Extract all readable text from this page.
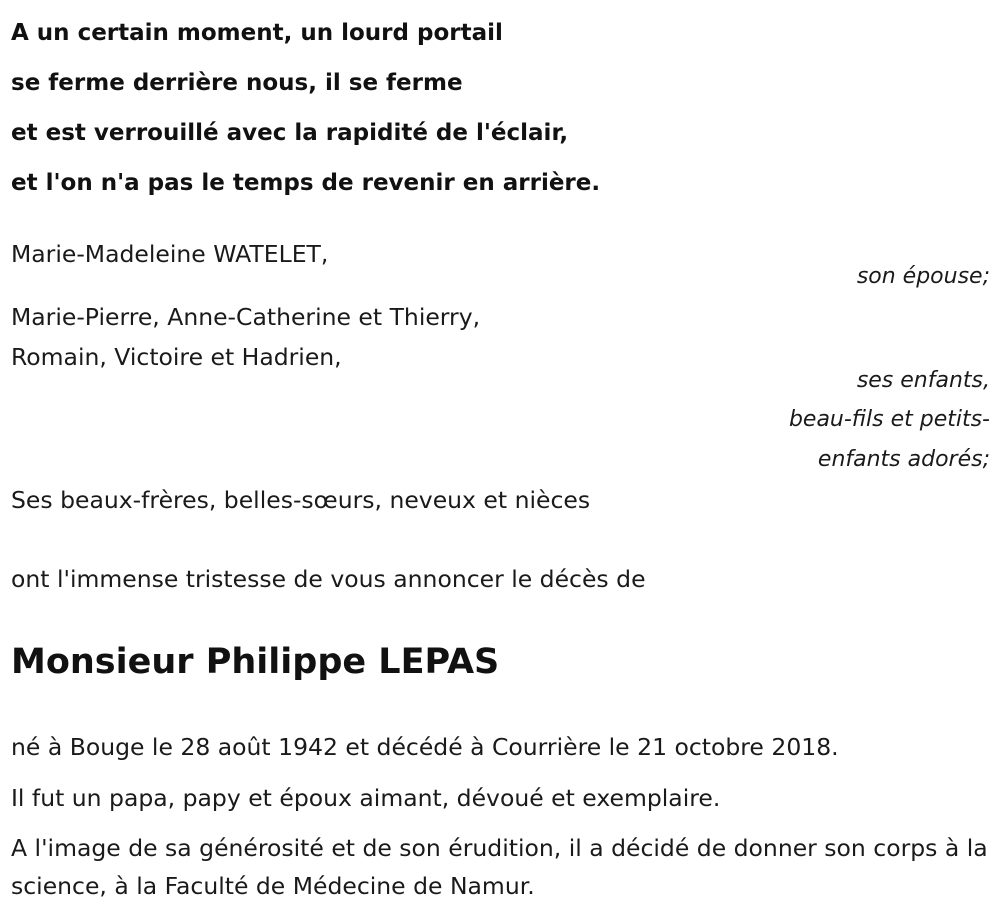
A un certain moment, un lourd portail
se ferme derrière nous, il se ferme
et est verrouillé avec la rapidité de l'éclair,
et l'on n'a pas le temps de revenir en arrière.
Marie-Madeleine WATELET,
son épouse;
Marie-Pierre, Anne-Catherine et Thierry,
Romain, Victoire et Hadrien,
ses enfants,
beau-fils et petits-
enfants adorés;
Ses beaux-frères, belles-sœurs, neveux et nièces
ont l'immense tristesse de vous annoncer le décès de
Monsieur Philippe LEPAS
né à Bouge le 28 août 1942 et décédé à Courrière le 21 octobre 2018.
Il fut un papa, papy et époux aimant, dévoué et exemplaire.
A l'image de sa générosité et de son érudition, il a décidé de donner son corps à la science, à la Faculté de Médecine de Namur.
